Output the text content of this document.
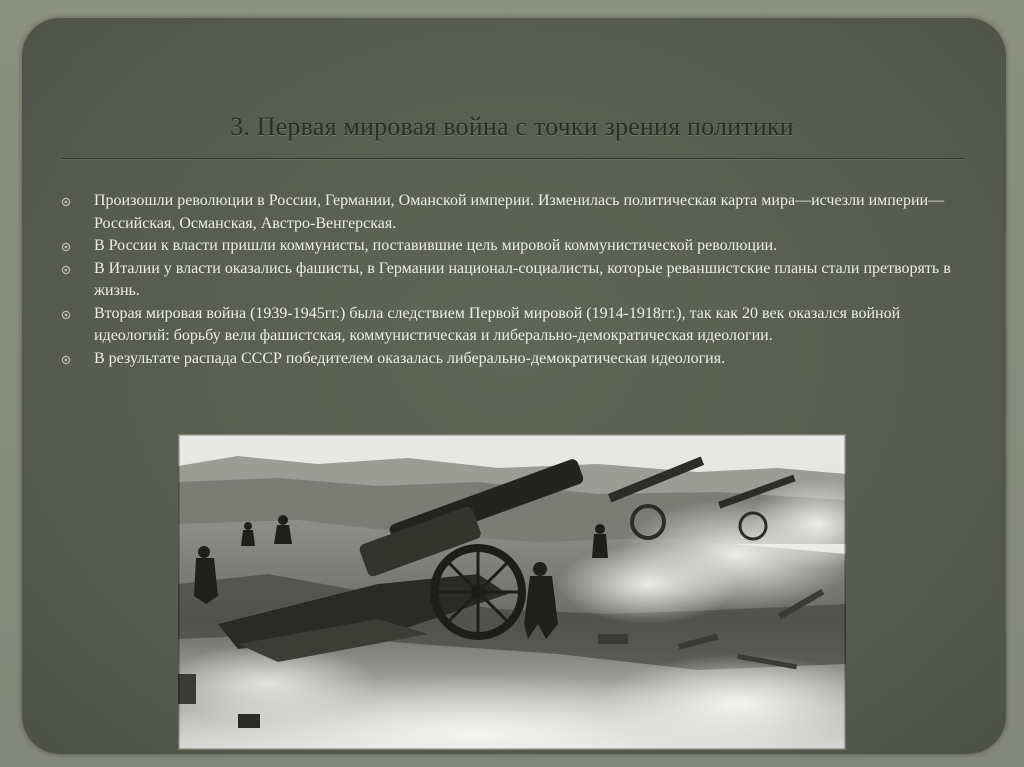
3. Первая мировая война с точки зрения политики
Произошли революции в России, Германии, Оманской империи. Изменилась политическая карта мира—исчезли империи—Российская, Османская, Австро-Венгерская.
В России к власти пришли коммунисты, поставившие цель мировой коммунистической революции.
В Италии у власти оказались фашисты, в Германии национал-социалисты, которые реваншистские планы стали претворять в жизнь.
Вторая мировая война (1939-1945гг.) была следствием Первой мировой (1914-1918гг.), так как 20 век оказался войной идеологий: борьбу вели фашистская, коммунистическая и либерально-демократическая идеологии.
В результате распада СССР победителем оказалась либерально-демократическая идеология.
